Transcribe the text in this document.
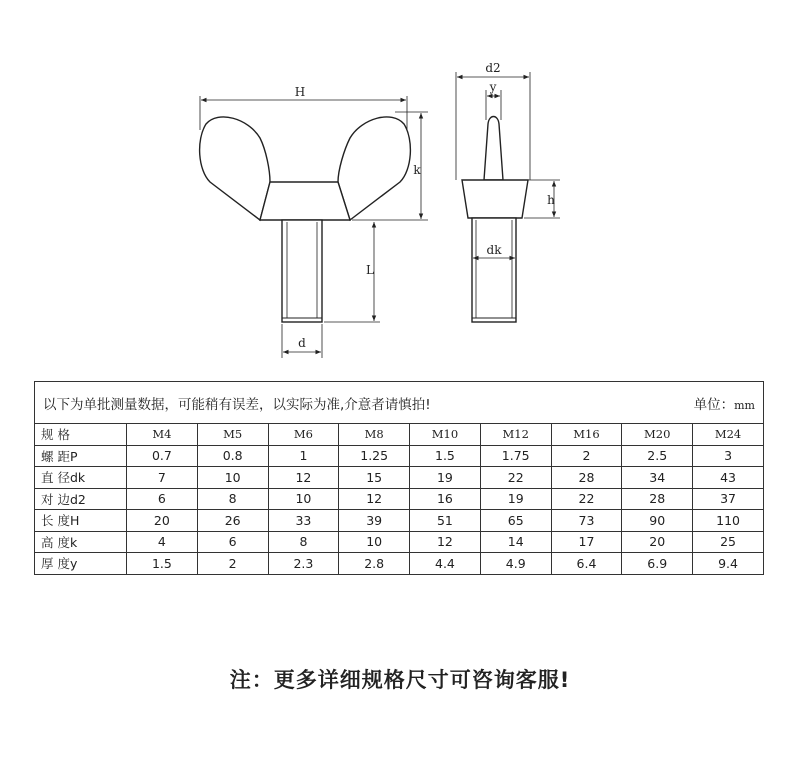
H
k
L
d
d2
y
h
dk
以下为单批测量数据，可能稍有误差，以实际为准,介意者请慎拍! 单位：mm									

规 格	M4	M5	M6	M8	M10	M12	M16	M20	M24
螺 距P	0.7	0.8	1	1.25	1.5	1.75	2	2.5	3
直 径dk	7	10	12	15	19	22	28	34	43
对 边d2	6	8	10	12	16	19	22	28	37
长 度H	20	26	33	39	51	65	73	90	110
高 度k	4	6	8	10	12	14	17	20	25
厚 度y	1.5	2	2.3	2.8	4.4	4.9	6.4	6.9	9.4
注：更多详细规格尺寸可咨询客服!
